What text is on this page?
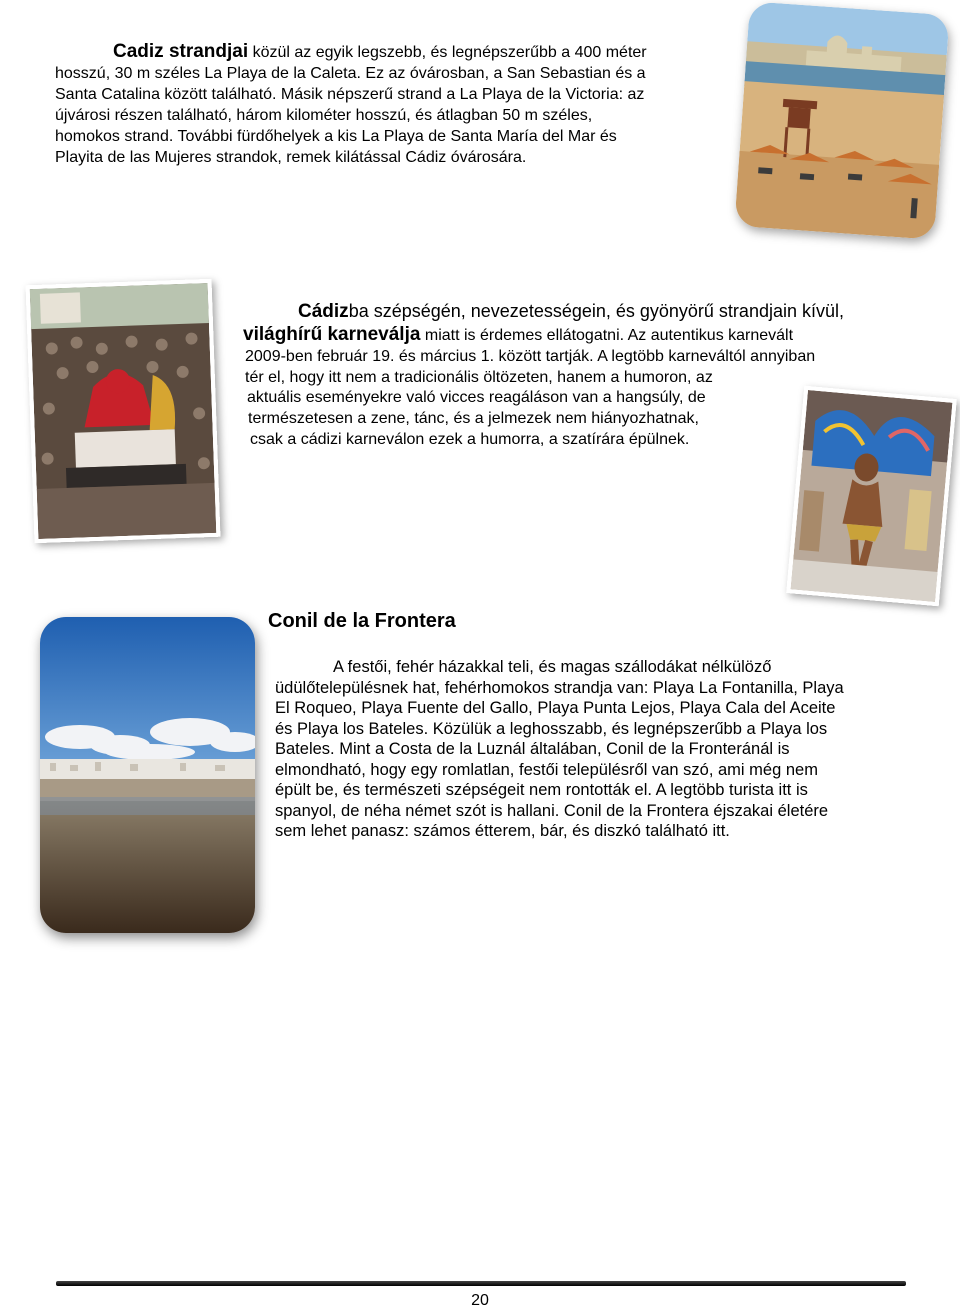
Cadiz strandjai közül az egyik legszebb, és legnépszerűbb a 400 méter
hosszú, 30 m széles La Playa de la Caleta. Ez az óvárosban, a San Sebastian és a
Santa Catalina között található. Másik népszerű strand a La Playa de la Victoria: az
újvárosi részen található, három kilométer hosszú, és átlagban 50 m széles,
homokos strand. További fürdőhelyek a kis La Playa de Santa María del Mar és
Playita de las Mujeres strandok, remek kilátással Cádiz óvárosára.
Cádizba szépségén, nevezetességein, és gyönyörű strandjain kívül,
világhírű karneválja miatt is érdemes ellátogatni. Az autentikus karnevált
2009-ben február 19. és március 1. között tartják. A legtöbb karneváltól annyiban
tér el, hogy itt nem a tradicionális öltözeten, hanem a humoron, az
aktuális eseményekre való vicces reagáláson van a hangsúly, de
természetesen a zene, tánc, és a jelmezek nem hiányozhatnak,
csak a cádizi karneválon ezek a humorra, a szatírára épülnek.
Conil de la Frontera
A festői, fehér házakkal teli, és magas szállodákat nélkülöző
üdülőtelepülésnek hat, fehérhomokos strandja van: Playa La Fontanilla, Playa
El Roqueo, Playa Fuente del Gallo, Playa Punta Lejos, Playa Cala del Aceite
és Playa los Bateles. Közülük a leghosszabb, és legnépszerűbb a Playa los
Bateles. Mint a Costa de la Luznál általában, Conil de la Fronteránál is
elmondható, hogy egy romlatlan, festői településről van szó, ami még nem
épült be, és természeti szépségeit nem rontották el. A legtöbb turista itt is
spanyol, de néha német szót is hallani. Conil de la Frontera éjszakai életére
sem lehet panasz: számos étterem, bár, és diszkó található itt.
20
